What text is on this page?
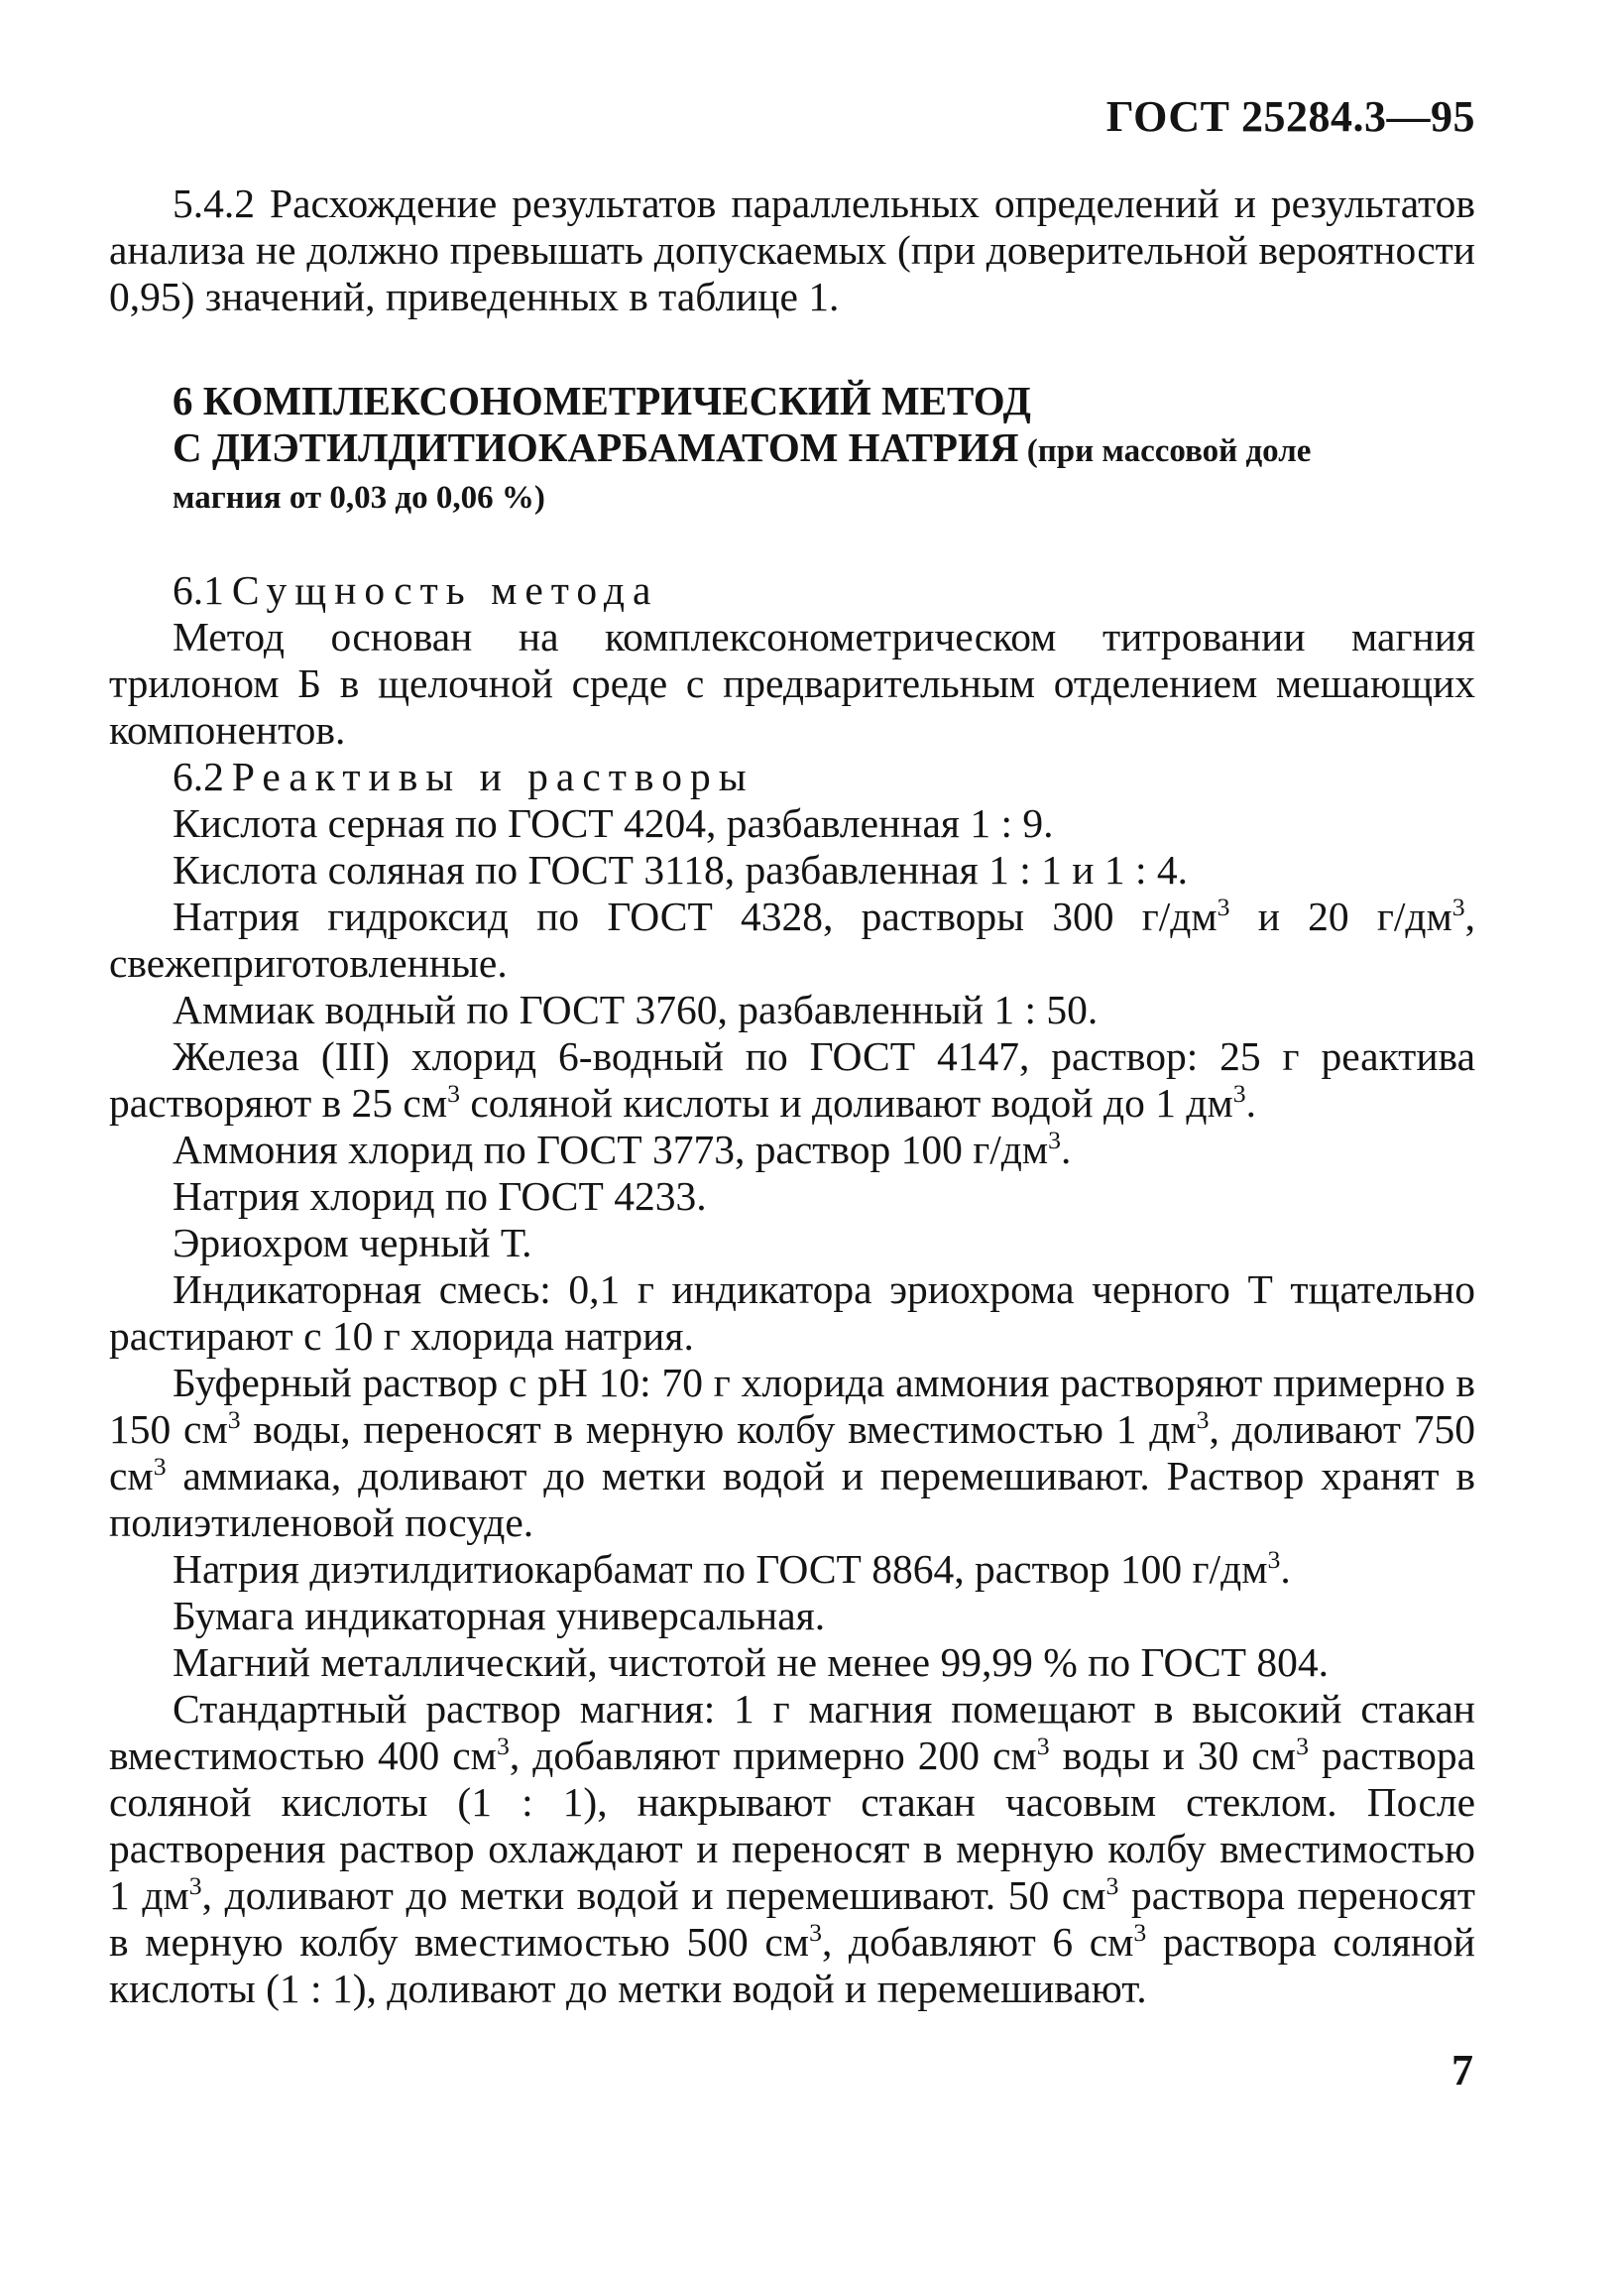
ГОСТ 25284.3—95

5.4.2 Расхождение результатов параллельных определений и результатов анализа не должно превышать допускаемых (при доверительной вероятности 0,95) значений, приведенных в таблице 1.

6 КОМПЛЕКСОНОМЕТРИЧЕСКИЙ МЕТОД
С ДИЭТИЛДИТИОКАРБАМАТОМ НАТРИЯ (при массовой доле
магния от 0,03 до 0,06 %)
6.1 Сущность метода

Метод основан на комплексонометрическом титровании магния трилоном Б в щелочной среде с предварительным отделением мешающих компонентов.

6.2 Реактивы и растворы

Кислота серная по ГОСТ 4204, разбавленная 1 : 9.

Кислота соляная по ГОСТ 3118, разбавленная 1 : 1 и 1 : 4.

Натрия гидроксид по ГОСТ 4328, растворы 300 $г/дм^3$ и 20 $г/дм^3$, свежеприготовленные.

Аммиак водный по ГОСТ 3760, разбавленный 1 : 50.

Железа (III) хлорид 6-водный по ГОСТ 4147, раствор: 25 г реактива растворяют в 25 $см^3$ соляной кислоты и доливают водой до 1 $дм^3$.

Аммония хлорид по ГОСТ 3773, раствор 100 $г/дм^3$.

Натрия хлорид по ГОСТ 4233.

Эриохром черный Т.

Индикаторная смесь: 0,1 г индикатора эриохрома черного Т тщательно растирают с 10 г хлорида натрия.

Буферный раствор с pH 10: 70 г хлорида аммония растворяют примерно в 150 $см^3$ воды, переносят в мерную колбу вместимостью 1 $дм^3$, доливают 750 $см^3$ аммиака, доливают до метки водой и перемешивают. Раствор хранят в полиэтиленовой посуде.

Натрия диэтилдитиокарбамат по ГОСТ 8864, раствор 100 $г/дм^3$.

Бумага индикаторная универсальная.

Магний металлический, чистотой не менее 99,99 % по ГОСТ 804.

Стандартный раствор магния: 1 г магния помещают в высокий стакан вместимостью 400 $см^3$, добавляют примерно 200 $см^3$ воды и 30 $см^3$ раствора соляной кислоты (1 : 1), накрывают стакан часовым стеклом. После растворения раствор охлаждают и переносят в мерную колбу вместимостью 1 $дм^3$, доливают до метки водой и перемешивают. 50 $см^3$ раствора переносят в мерную колбу вместимостью 500 $см^3$, добавляют 6 $см^3$ раствора соляной кислоты (1 : 1), доливают до метки водой и перемешивают.

7
